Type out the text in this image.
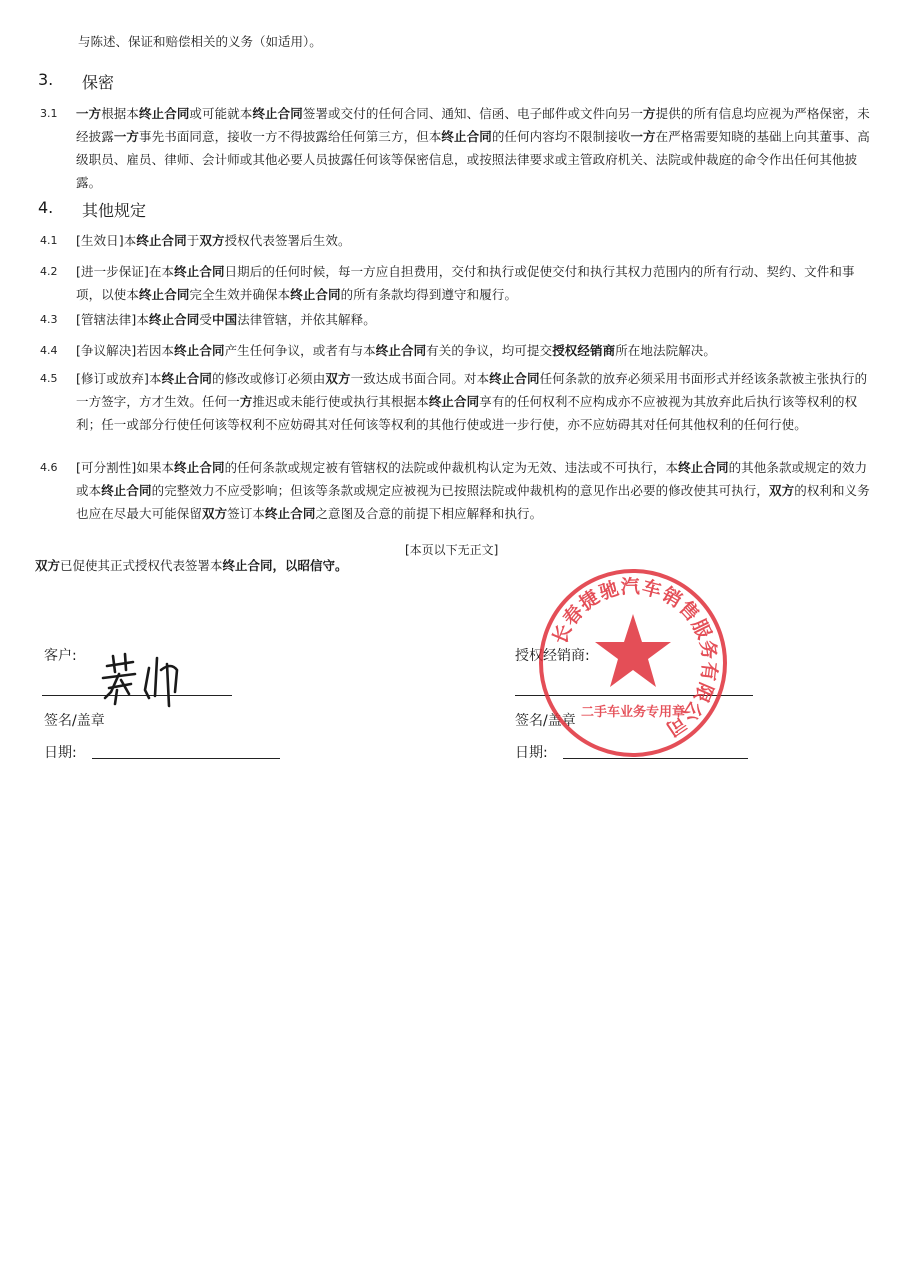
与陈述、保证和赔偿相关的义务（如适用）。
3. 保密
3.1 一方根据本终止合同或可能就本终止合同签署或交付的任何合同、通知、信函、电子邮件或文件向另一方提供的所有信息均应视为严格保密，未经披露一方事先书面同意，接收一方不得披露给任何第三方，但本终止合同的任何内容均不限制接收一方在严格需要知晓的基础上向其董事、高级职员、雇员、律师、会计师或其他必要人员披露任何该等保密信息，或按照法律要求或主管政府机关、法院或仲裁庭的命令作出任何其他披露。
4. 其他规定
4.1 [生效日]本终止合同于双方授权代表签署后生效。
4.2 [进一步保证]在本终止合同日期后的任何时候，每一方应自担费用，交付和执行或促使交付和执行其权力范围内的所有行动、契约、文件和事项，以使本终止合同完全生效并确保本终止合同的所有条款均得到遵守和履行。
4.3 [管辖法律]本终止合同受中国法律管辖，并依其解释。
4.4 [争议解决]若因本终止合同产生任何争议，或者有与本终止合同有关的争议，均可提交授权经销商所在地法院解决。
4.5 [修订或放弃]本终止合同的修改或修订必须由双方一致达成书面合同。对本终止合同任何条款的放弃必须采用书面形式并经该条款被主张执行的一方签字，方才生效。任何一方推迟或未能行使或执行其根据本终止合同享有的任何权利不应构成亦不应被视为其放弃此后执行该等权利的权利；任一或部分行使任何该等权利不应妨碍其对任何该等权利的其他行使或进一步行使，亦不应妨碍其对任何其他权利的任何行使。
4.6 [可分割性]如果本终止合同的任何条款或规定被有管辖权的法院或仲裁机构认定为无效、违法或不可执行，本终止合同的其他条款或规定的效力或本终止合同的完整效力不应受影响；但该等条款或规定应被视为已按照法院或仲裁机构的意见作出必要的修改使其可执行，双方的权利和义务也应在尽最大可能保留双方签订本终止合同之意图及合意的前提下相应解释和执行。
[本页以下无正文]
双方已促使其正式授权代表签署本终止合同，以昭信守。
客户:
签名/盖章
日期:
授权经销商:
签名/盖章
日期:
长春捷驰汽车销售服务有限公司
二手车业务专用章
